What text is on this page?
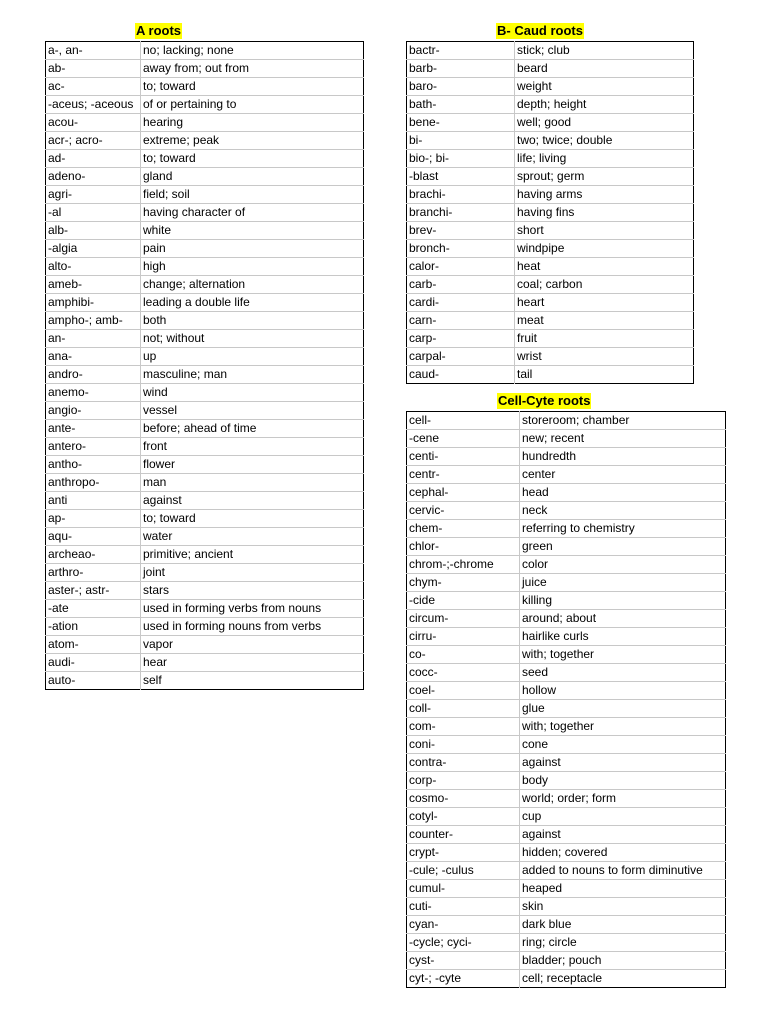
A roots
a-, an-	no; lacking; none
ab-	away from; out from
ac-	to; toward
-aceus; -aceous	of or pertaining to
acou-	hearing
acr-; acro-	extreme; peak
ad-	to; toward
adeno-	gland
agri-	field; soil
-al	having character of
alb-	white
-algia	pain
alto-	high
ameb-	change; alternation
amphibi-	leading a double life
ampho-; amb-	both
an-	not; without
ana-	up
andro-	masculine; man
anemo-	wind
angio-	vessel
ante-	before; ahead of time
antero-	front
antho-	flower
anthropo-	man
anti	against
ap-	to; toward
aqu-	water
archeao-	primitive; ancient
arthro-	joint
aster-; astr-	stars
-ate	used in forming verbs from nouns
-ation	used in forming nouns from verbs
atom-	vapor
audi-	hear
auto-	self
B- Caud roots
bactr-	stick; club
barb-	beard
baro-	weight
bath-	depth; height
bene-	well; good
bi-	two; twice; double
bio-; bi-	life; living
-blast	sprout; germ
brachi-	having arms
branchi-	having fins
brev-	short
bronch-	windpipe
calor-	heat
carb-	coal; carbon
cardi-	heart
carn-	meat
carp-	fruit
carpal-	wrist
caud-	tail
Cell-Cyte roots
cell-	storeroom; chamber
-cene	new; recent
centi-	hundredth
centr-	center
cephal-	head
cervic-	neck
chem-	referring to chemistry
chlor-	green
chrom-;-chrome	color
chym-	juice
-cide	killing
circum-	around; about
cirru-	hairlike curls
co-	with; together
cocc-	seed
coel-	hollow
coll-	glue
com-	with; together
coni-	cone
contra-	against
corp-	body
cosmo-	world; order; form
cotyl-	cup
counter-	against
crypt-	hidden; covered
-cule; -culus	added to nouns to form diminutive
cumul-	heaped
cuti-	skin
cyan-	dark blue
-cycle; cyci-	ring; circle
cyst-	bladder; pouch
cyt-; -cyte	cell; receptacle
